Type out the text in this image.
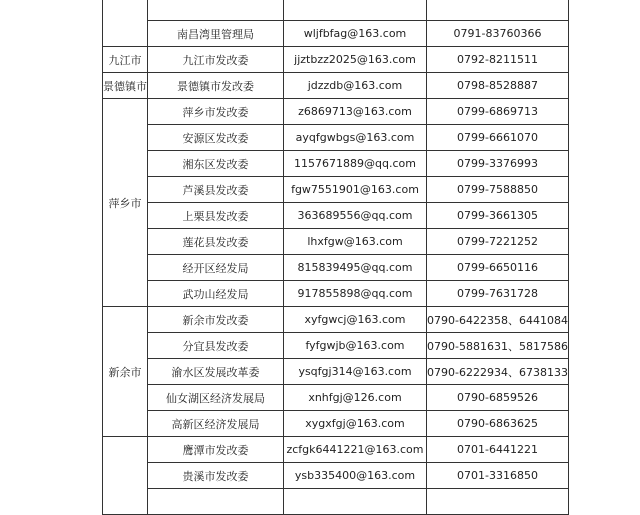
	南昌湾里管理局	wljfbfag@163.com	0791-83760366
九江市	九江市发改委	jjztbzz2025@163.com	0792-8211511
景德镇市	景德镇市发改委	jdzzdb@163.com	0798-8528887
萍乡市	萍乡市发改委	z6869713@163.com	0799-6869713
	安源区发改委	ayqfgwbgs@163.com	0799-6661070
	湘东区发改委	1157671889@qq.com	0799-3376993
	芦溪县发改委	fgw7551901@163.com	0799-7588850
	上栗县发改委	363689556@qq.com	0799-3661305
	莲花县发改委	lhxfgw@163.com	0799-7221252
	经开区经发局	815839495@qq.com	0799-6650116
	武功山经发局	917855898@qq.com	0799-7631728
新余市	新余市发改委	xyfgwcj@163.com	0790-6422358、6441084
	分宜县发改委	fyfgwjb@163.com	0790-5881631、5817586
	渝水区发展改革委	ysqfgj314@163.com	0790-6222934、6738133
	仙女湖区经济发展局	xnhfgj@126.com	0790-6859526
	高新区经济发展局	xygxfgj@163.com	0790-6863625
	鹰潭市发改委	zcfgk6441221@163.com	0701-6441221
	贵溪市发改委	ysb335400@163.com	0701-3316850
